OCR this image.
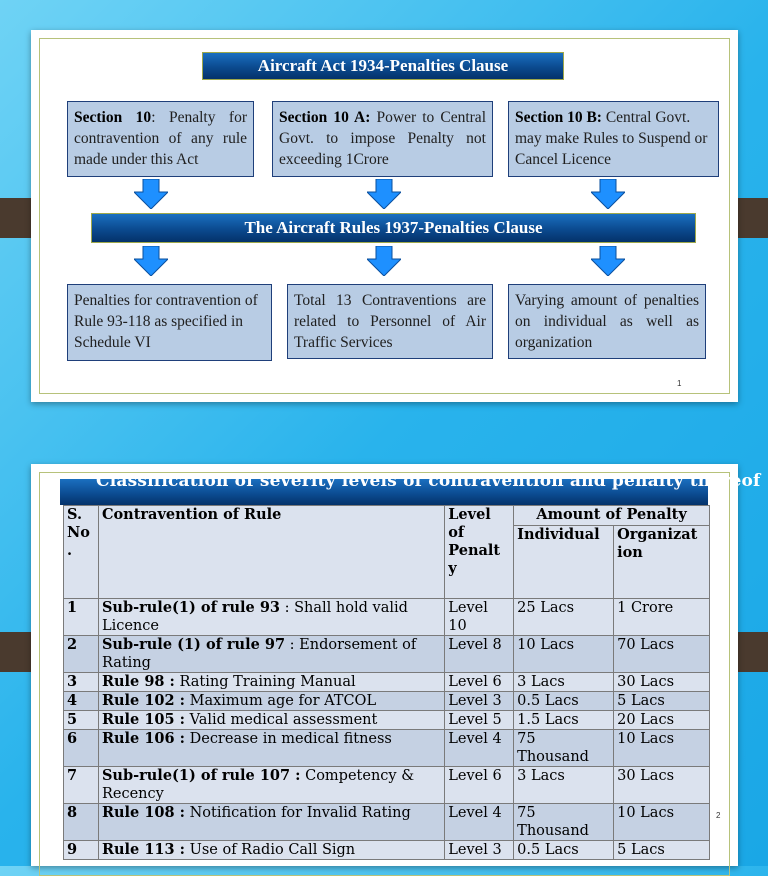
Aircraft Act 1934-Penalties Clause
Section 10: Penalty for contravention of any rule made under this Act
Section 10 A: Power to Central Govt. to impose Penalty not exceeding 1Crore
Section 10 B: Central Govt. may make Rules to Suspend or Cancel Licence
The Aircraft Rules 1937-Penalties Clause
Penalties for contravention of Rule 93-118 as specified in Schedule VI
Total 13 Contraventions are related to Personnel of Air Traffic Services
Varying amount of penalties on individual as well as organization
1
Classification of severity levels of contravention and penalty thereof
S. No .	Contravention of Rule	Level of Penalt y	Amount of Penalty	
			Individual	Organizat ion
1	Sub-rule(1) of rule 93 : Shall hold valid Licence	Level 10	25 Lacs	1 Crore
2	Sub-rule (1) of rule 97 : Endorsement of Rating	Level 8	10 Lacs	70 Lacs
3	Rule 98 : Rating Training Manual	Level 6	3 Lacs	30 Lacs
4	Rule 102 : Maximum age for ATCOL	Level 3	0.5 Lacs	5 Lacs
5	Rule 105 : Valid medical assessment	Level 5	1.5 Lacs	20 Lacs
6	Rule 106 : Decrease in medical fitness	Level 4	75 Thousand	10 Lacs
7	Sub-rule(1) of rule 107 : Competency & Recency	Level 6	3 Lacs	30 Lacs
8	Rule 108 : Notification for Invalid Rating	Level 4	75 Thousand	10 Lacs
9	Rule 113 : Use of Radio Call Sign	Level 3	0.5 Lacs	5 Lacs
2
